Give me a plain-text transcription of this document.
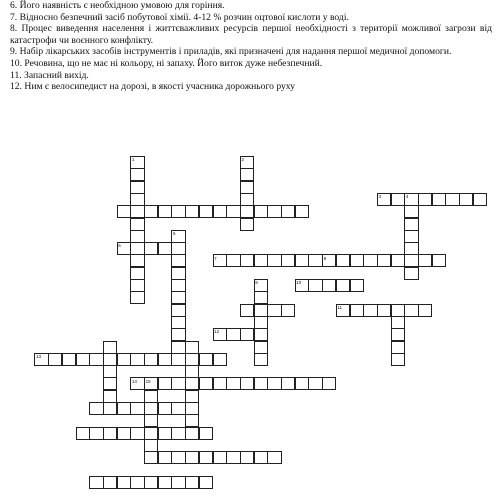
6. Його наявність є необхідною умовою для горіння.

7. Відносно безпечний засіб побутової хімії. 4-12 % розчин оцтової кислоти у воді.

8. Процес виведення населення і життєважливих ресурсів першої необхідності з території можливої загрози від катастрофи чи воєнного конфлікту.

9. Набір лікарських засобів інструментів і приладів, які призначені для надання першої медичної допомоги.

10. Речовина, що не має ні кольору, ні запаху. Його виток дуже небезпечний.

11. Запасний вихід.

12. Ним є велосипедист на дорозі, в якості учасника дорожнього руху

1	2
3	4
5
6
7	8
9	10
11
12
13
14 15
